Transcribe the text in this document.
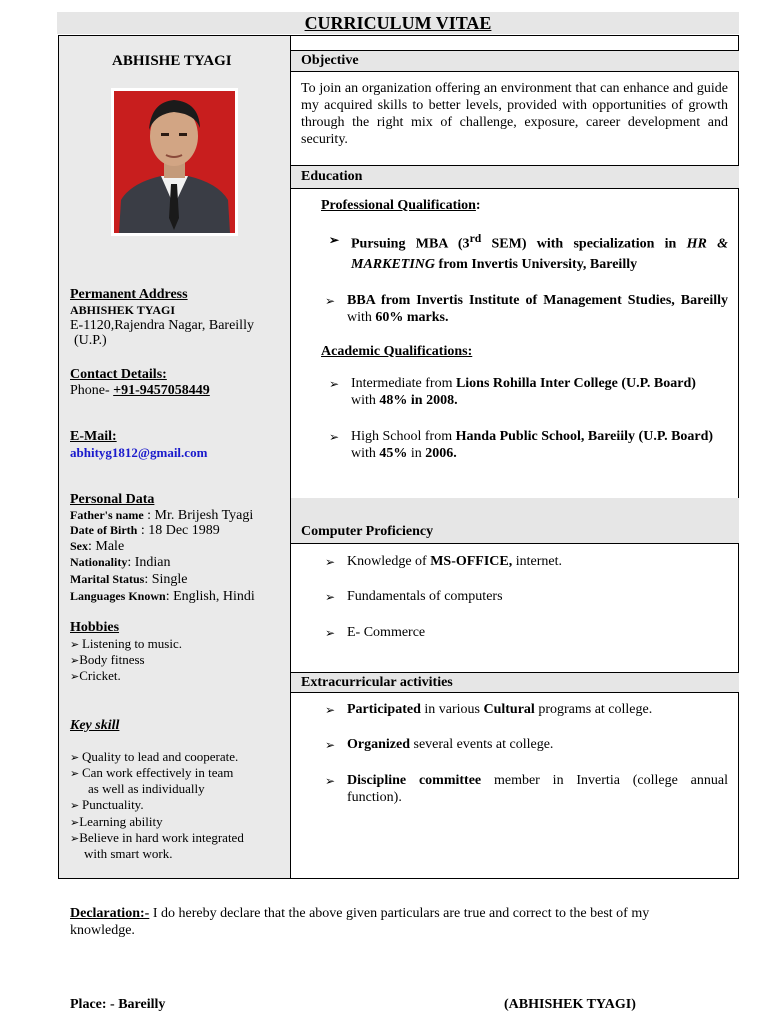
CURRICULUM VITAE
ABHISHE TYAGI
Permanent Address
ABHISHEK TYAGI
E-1120,Rajendra Nagar, Bareilly
(U.P.)
Contact Details:
Phone- +91-9457058449
E-Mail:
abhityg1812@gmail.com
Personal Data
Father's name : Mr. Brijesh Tyagi
Date of Birth : 18 Dec 1989
Sex: Male
Nationality: Indian
Marital Status: Single
Languages Known: English, Hindi
Hobbies
➢ Listening to music.
➢Body fitness
➢Cricket.
Key skill
➢ Quality to lead and cooperate.
➢ Can work effectively in team
as well as individually
➢ Punctuality.
➢Learning ability
➢Believe in hard work integrated
with smart work.
Objective
To join an organization offering an environment that can enhance and guide my acquired skills to better levels, provided with opportunities of growth through the right mix of challenge, exposure, career development and security.
Education
Professional Qualification:
Pursuing MBA (3rd SEM) with specialization in HR & MARKETING from Invertis University, Bareilly
BBA from Invertis Institute of Management Studies, Bareilly with 60% marks.
Academic Qualifications:
Intermediate from Lions Rohilla Inter College (U.P. Board) with 48% in 2008.
High School from Handa Public School, Bareiily (U.P. Board) with 45% in 2006.
Computer Proficiency
Knowledge of MS-OFFICE, internet.
Fundamentals of computers
E- Commerce
Extracurricular activities
Participated in various Cultural programs at college.
Organized several events at college.
Discipline committee member in Invertia (college annual function).
Declaration:- I do hereby declare that the above given particulars are true and correct to the best of my knowledge.
Place: - Bareilly	(ABHISHEK TYAGI)
